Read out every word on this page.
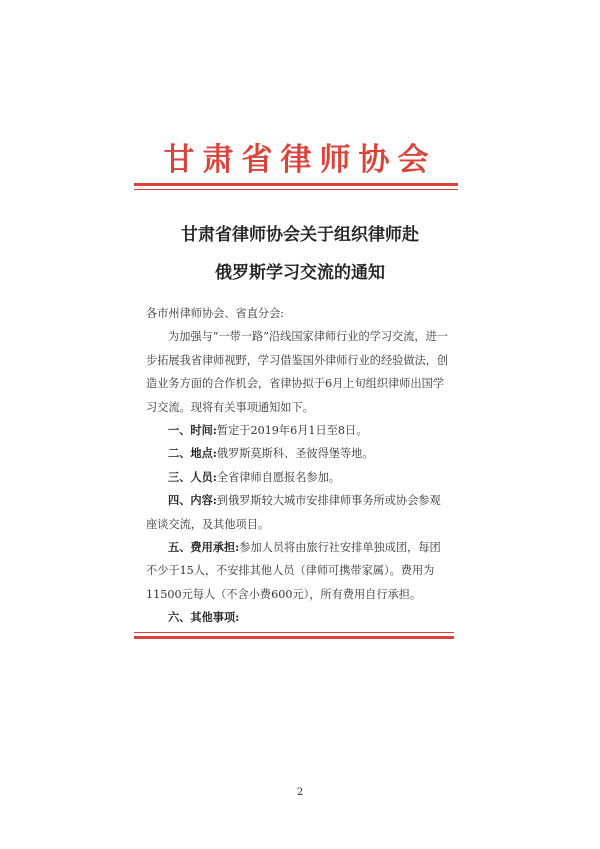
甘肃省律师协会
甘肃省律师协会关于组织律师赴
俄罗斯学习交流的通知

各市州律师协会、省直分会:

为加强与“一带一路”沿线国家律师行业的学习交流，进一步拓展我省律师视野，学习借鉴国外律师行业的经验做法，创造业务方面的合作机会，省律协拟于6月上旬组织律师出国学习交流。现将有关事项通知如下。

一、时间:暂定于2019年6月1日至8日。

二、地点:俄罗斯莫斯科、圣彼得堡等地。

三、人员:全省律师自愿报名参加。

四、内容:到俄罗斯较大城市安排律师事务所或协会参观座谈交流，及其他项目。

五、费用承担:参加人员将由旅行社安排单独成团，每团不少于15人，不安排其他人员（律师可携带家属）。费用为11500元每人（不含小费600元），所有费用自行承担。

六、其他事项:

2
